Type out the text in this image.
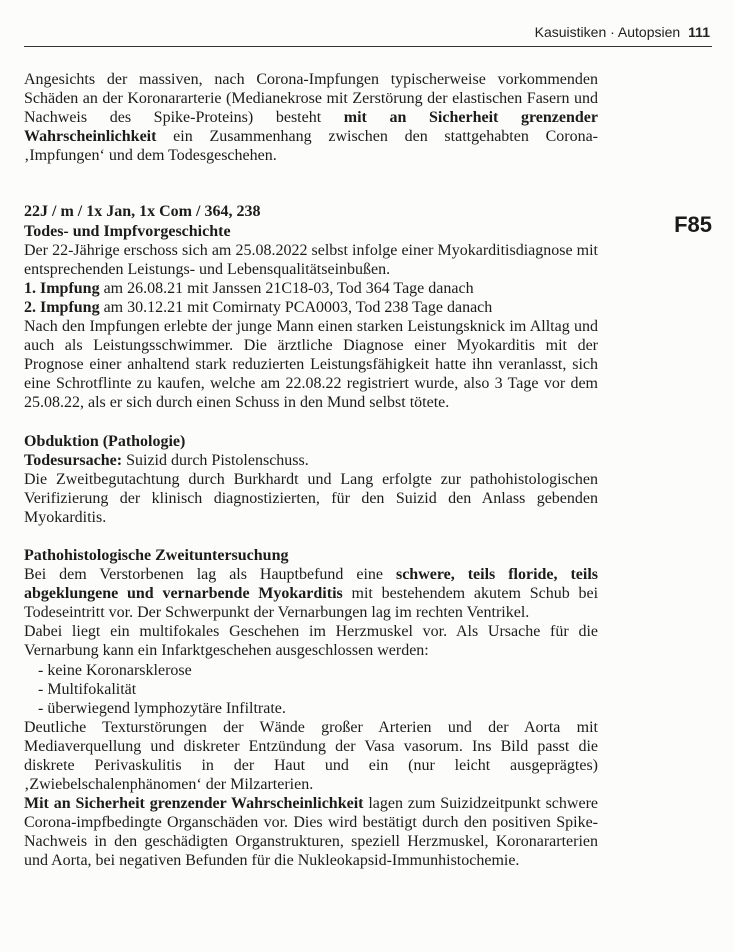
Kasuistiken · Autopsien 111
F85

Angesichts der massiven, nach Corona-Impfungen typischerweise vorkommenden Schäden an der Koronararterie (Medianekrose mit Zerstörung der elastischen Fasern und Nachweis des Spike-Proteins) besteht mit an Sicherheit grenzender Wahrscheinlichkeit ein Zusammenhang zwischen den stattgehabten Corona-‚Impfungen‘ und dem Todesgeschehen.

22J / m / 1x Jan, 1x Com / 364, 238

Todes- und Impfvorgeschichte

Der 22-Jährige erschoss sich am 25.08.2022 selbst infolge einer Myokarditisdiagnose mit entsprechenden Leistungs- und Lebensqualitätseinbußen.

1. Impfung am 26.08.21 mit Janssen 21C18-03, Tod 364 Tage danach

2. Impfung am 30.12.21 mit Comirnaty PCA0003, Tod 238 Tage danach

Nach den Impfungen erlebte der junge Mann einen starken Leistungsknick im Alltag und auch als Leistungsschwimmer. Die ärztliche Diagnose einer Myokarditis mit der Prognose einer anhaltend stark reduzierten Leistungsfähigkeit hatte ihn veranlasst, sich eine Schrotflinte zu kaufen, welche am 22.08.22 registriert wurde, also 3 Tage vor dem 25.08.22, als er sich durch einen Schuss in den Mund selbst tötete.

Obduktion (Pathologie)

Todesursache: Suizid durch Pistolenschuss.

Die Zweitbegutachtung durch Burkhardt und Lang erfolgte zur pathohistologischen Verifizierung der klinisch diagnostizierten, für den Suizid den Anlass gebenden Myokarditis.

Pathohistologische Zweituntersuchung

Bei dem Verstorbenen lag als Hauptbefund eine schwere, teils floride, teils abgeklungene und vernarbende Myokarditis mit bestehendem akutem Schub bei Todeseintritt vor. Der Schwerpunkt der Vernarbungen lag im rechten Ventrikel.

Dabei liegt ein multifokales Geschehen im Herzmuskel vor. Als Ursache für die Vernarbung kann ein Infarktgeschehen ausgeschlossen werden:

- keine Koronarsklerose

- Multifokalität

- überwiegend lymphozytäre Infiltrate.

Deutliche Texturstörungen der Wände großer Arterien und der Aorta mit Mediaverquellung und diskreter Entzündung der Vasa vasorum. Ins Bild passt die diskrete Perivaskulitis in der Haut und ein (nur leicht ausgeprägtes) ‚Zwiebelschalenphänomen‘ der Milzarterien.

Mit an Sicherheit grenzender Wahrscheinlichkeit lagen zum Suizidzeitpunkt schwere Corona-impfbedingte Organschäden vor. Dies wird bestätigt durch den positiven Spike-Nachweis in den geschädigten Organstrukturen, speziell Herzmuskel, Koronararterien und Aorta, bei negativen Befunden für die Nukleokapsid-Immunhistochemie.
